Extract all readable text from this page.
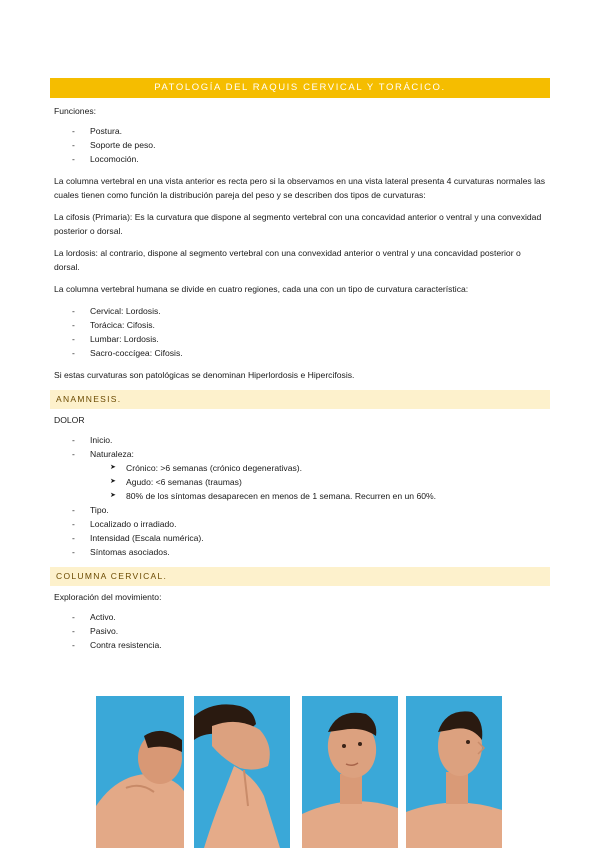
PATOLOGÍA DEL RAQUIS CERVICAL Y TORÁCICO.
Funciones:
- Postura.
- Soporte de peso.
- Locomoción.

La columna vertebral en una vista anterior es recta pero si la observamos en una vista lateral presenta 4 curvaturas normales las cuales tienen como función la distribución pareja del peso y se describen dos tipos de curvaturas:

La cifosis (Primaria): Es la curvatura que dispone al segmento vertebral con una concavidad anterior o ventral y una convexidad posterior o dorsal.

La lordosis: al contrario, dispone al segmento vertebral con una convexidad anterior o ventral y una concavidad posterior o dorsal.

La columna vertebral humana se divide en cuatro regiones, cada una con un tipo de curvatura característica:

- Cervical: Lordosis.
- Torácica: Cifosis.
- Lumbar: Lordosis.
- Sacro-coccígea: Cifosis.

Si estas curvaturas son patológicas se denominan Hiperlordosis e Hipercifosis.

ANAMNESIS.
DOLOR
- Inicio.
- Naturaleza:
➤ Crónico: >6 semanas (crónico degenerativas).
➤ Agudo: <6 semanas (traumas)
➤ 80% de los síntomas desaparecen en menos de 1 semana. Recurren en un 60%.
- Tipo.
- Localizado o irradiado.
- Intensidad (Escala numérica).
- Síntomas asociados.
COLUMNA CERVICAL.
Exploración del movimiento:
- Activo.
- Pasivo.
- Contra resistencia.
